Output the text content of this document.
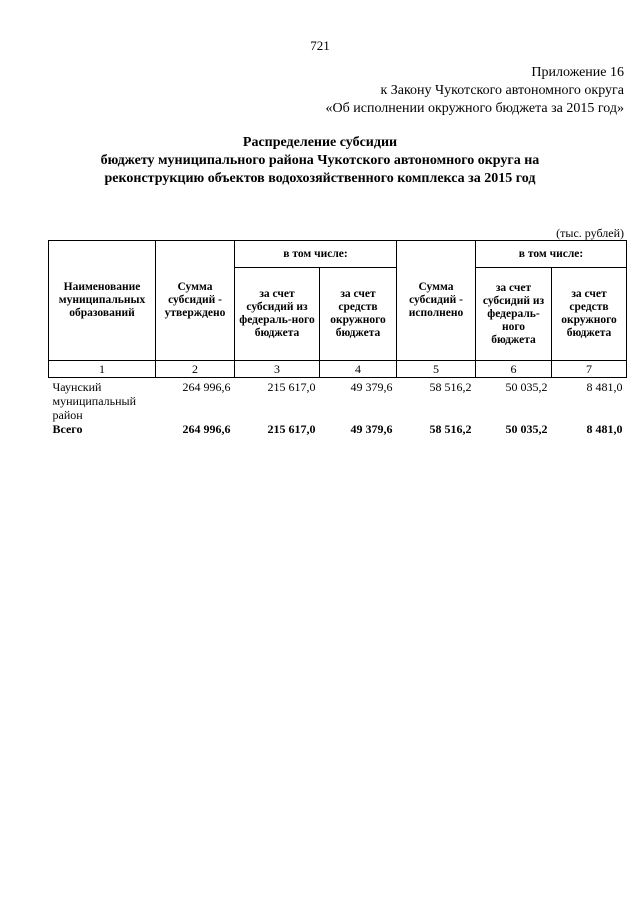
721
Приложение 16
к Закону Чукотского автономного округа
«Об исполнении окружного бюджета за 2015 год»
Распределение субсидии
бюджету муниципального района Чукотского автономного округа на
реконструкцию объектов водохозяйственного комплекса за 2015 год
(тыс. рублей)
Наименование муниципальных образований	Сумма субсидий - утверждено	в том числе:		Сумма субсидий - исполнено	в том числе:	
		за счет субсидий из федераль-ного бюджета	за счет средств окружного бюджета		за счет субсидий из федераль-ного бюджета	за счет средств окружного бюджета
1	2	3	4	5	6	7
Чаунский муниципальный район	264 996,6	215 617,0	49 379,6	58 516,2	50 035,2	8 481,0
Всего	264 996,6	215 617,0	49 379,6	58 516,2	50 035,2	8 481,0
